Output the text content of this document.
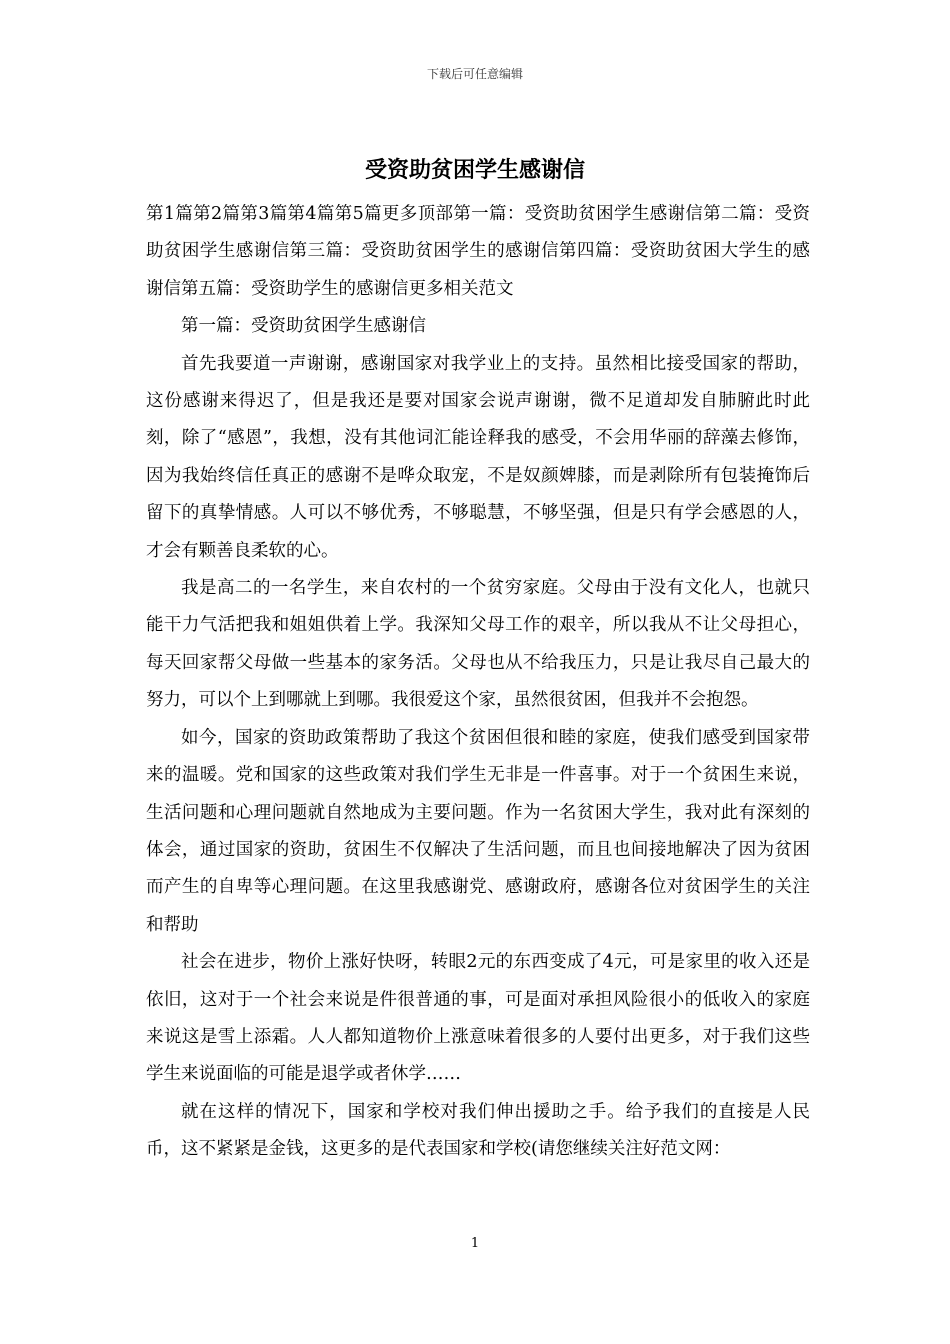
下载后可任意编辑
受资助贫困学生感谢信

第1篇第2篇第3篇第4篇第5篇更多顶部第一篇：受资助贫困学生感谢信第二篇：受资助贫困学生感谢信第三篇：受资助贫困学生的感谢信第四篇：受资助贫困大学生的感谢信第五篇：受资助学生的感谢信更多相关范文

第一篇：受资助贫困学生感谢信

首先我要道一声谢谢，感谢国家对我学业上的支持。虽然相比接受国家的帮助，这份感谢来得迟了，但是我还是要对国家会说声谢谢，微不足道却发自肺腑此时此刻，除了“感恩”，我想，没有其他词汇能诠释我的感受，不会用华丽的辞藻去修饰，因为我始终信任真正的感谢不是哗众取宠，不是奴颜婢膝，而是剥除所有包装掩饰后留下的真挚情感。人可以不够优秀，不够聪慧，不够坚强，但是只有学会感恩的人，才会有颗善良柔软的心。

我是高二的一名学生，来自农村的一个贫穷家庭。父母由于没有文化人，也就只能干力气活把我和姐姐供着上学。我深知父母工作的艰辛，所以我从不让父母担心，每天回家帮父母做一些基本的家务活。父母也从不给我压力，只是让我尽自己最大的努力，可以个上到哪就上到哪。我很爱这个家，虽然很贫困，但我并不会抱怨。

如今，国家的资助政策帮助了我这个贫困但很和睦的家庭，使我们感受到国家带来的温暖。党和国家的这些政策对我们学生无非是一件喜事。对于一个贫困生来说，生活问题和心理问题就自然地成为主要问题。作为一名贫困大学生，我对此有深刻的体会，通过国家的资助，贫困生不仅解决了生活问题，而且也间接地解决了因为贫困而产生的自卑等心理问题。在这里我感谢党、感谢政府，感谢各位对贫困学生的关注和帮助

社会在进步，物价上涨好快呀，转眼2元的东西变成了4元，可是家里的收入还是依旧，这对于一个社会来说是件很普通的事，可是面对承担风险很小的低收入的家庭来说这是雪上添霜。人人都知道物价上涨意味着很多的人要付出更多，对于我们这些学生来说面临的可能是退学或者休学……

就在这样的情况下，国家和学校对我们伸出援助之手。给予我们的直接是人民币，这不紧紧是金钱，这更多的是代表国家和学校(请您继续关注好范文网：

1
